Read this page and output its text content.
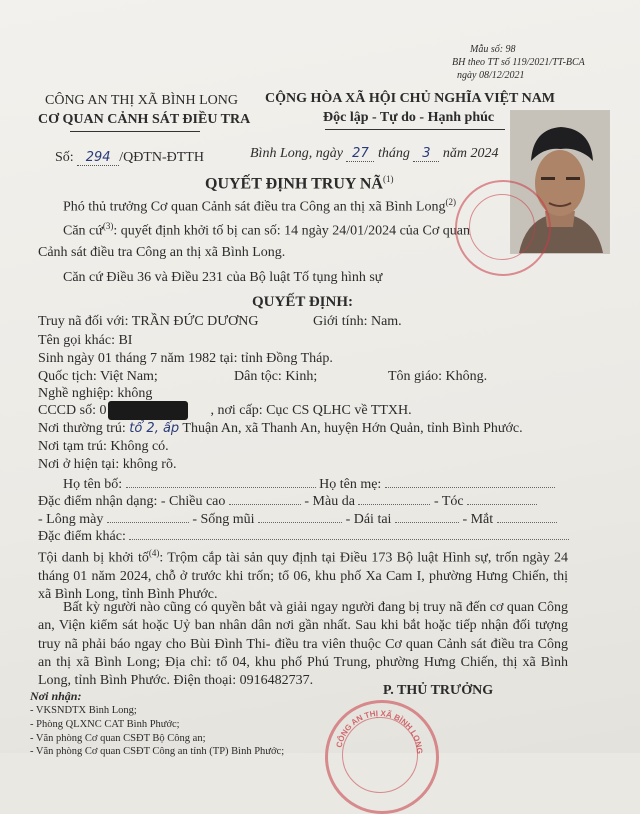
Mẫu số: 98
BH theo TT số 119/2021/TT-BCA
ngày 08/12/2021
CÔNG AN THỊ XÃ BÌNH LONG
CƠ QUAN CẢNH SÁT ĐIỀU TRA
CỘNG HÒA XÃ HỘI CHỦ NGHĨA VIỆT NAM
Độc lập - Tự do - Hạnh phúc
Số: 294 /QĐTN-ĐTTH	Bình Long, ngày 27 tháng 3 năm 2024
QUYẾT ĐỊNH TRUY NÃ$^{(1)}$
Phó thủ trưởng Cơ quan Cảnh sát điều tra Công an thị xã Bình Long$^{(2)}$
Căn cứ$^{(3)}$: quyết định khởi tố bị can số: 14 ngày 24/01/2024 của Cơ quan
Cảnh sát điều tra Công an thị xã Bình Long.
Căn cứ Điều 36 và Điều 231 của Bộ luật Tố tụng hình sự
QUYẾT ĐỊNH:
Truy nã đối với: TRẦN ĐỨC DƯƠNG	Giới tính: Nam.
Tên gọi khác: BI
Sinh ngày 01 tháng 7 năm 1982 tại: tỉnh Đồng Tháp.
Quốc tịch: Việt Nam;	Dân tộc: Kinh;	Tôn giáo: Không.
Nghề nghiệp: không
CCCD số: 0	, nơi cấp: Cục CS QLHC về TTXH.
Nơi thường trú: tổ 2, ấp Thuận An, xã Thanh An, huyện Hớn Quản, tỉnh Bình Phước.
Nơi tạm trú: Không có.
Nơi ở hiện tại: không rõ.
Họ tên bố:	Họ tên mẹ:
Đặc điểm nhận dạng: - Chiều cao	- Màu da	- Tóc
- Lông mày	- Sống mũi	- Dái tai	- Mắt
Đặc điểm khác:
Tội danh bị khởi tố$^{(4)}$: Trộm cắp tài sản quy định tại Điều 173 Bộ luật Hình sự, trốn ngày 24 tháng 01 năm 2024, chỗ ở trước khi trốn; tổ 06, khu phố Xa Cam I, phường Hưng Chiến, thị xã Bình Long, tỉnh Bình Phước.
Bất kỳ người nào cũng có quyền bắt và giải ngay người đang bị truy nã đến cơ quan Công an, Viện kiểm sát hoặc Uỷ ban nhân dân nơi gần nhất. Sau khi bắt hoặc tiếp nhận đối tượng truy nã phải báo ngay cho Bùi Đình Thi- điều tra viên thuộc Cơ quan Cảnh sát điều tra Công an thị xã Bình Long; Địa chỉ: tổ 04, khu phố Phú Trung, phường Hưng Chiến, thị xã Bình Long, tỉnh Bình Phước. Điện thoại: 0916482737.
P. THỦ TRƯỞNG
Nơi nhận:
- VKSNDTX Bình Long;
- Phòng QLXNC CAT Bình Phước;
- Văn phòng Cơ quan CSĐT Bộ Công an;
- Văn phòng Cơ quan CSĐT Công an tỉnh (TP) Bình Phước;
CÔNG AN THỊ XÃ BÌNH LONG
